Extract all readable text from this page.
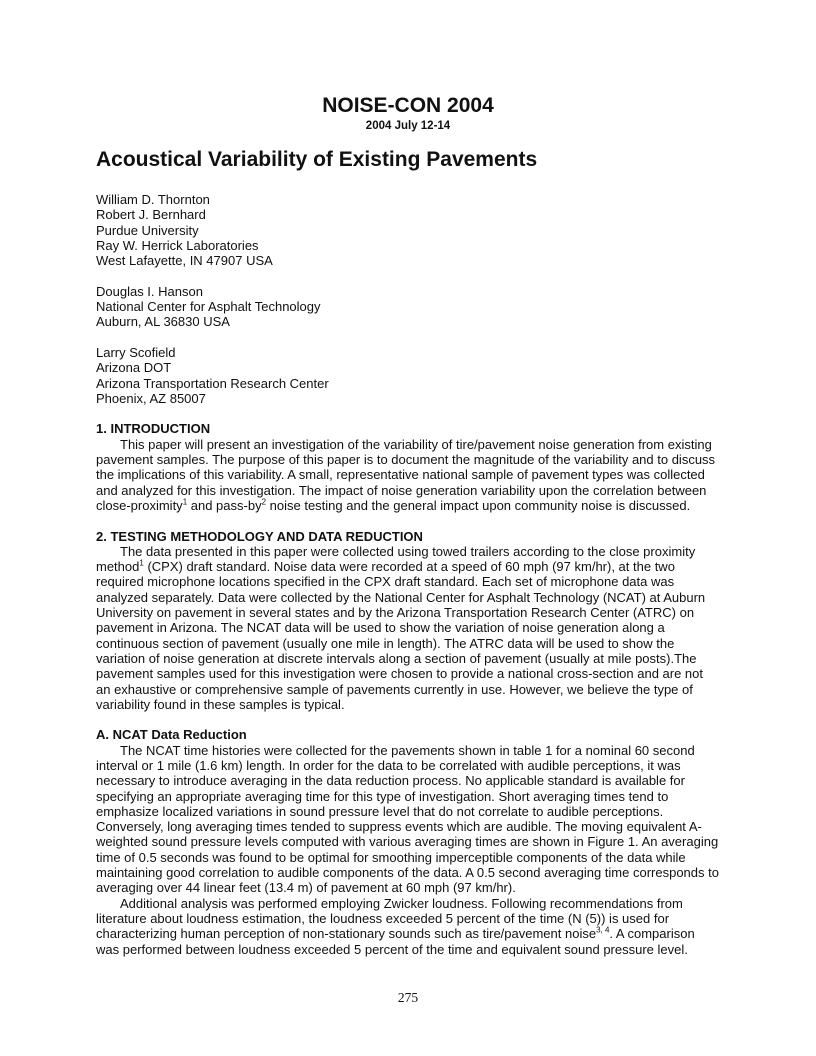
NOISE-CON 2004
2004 July 12-14
Acoustical Variability of Existing Pavements
William D. Thornton
Robert J. Bernhard
Purdue University
Ray W. Herrick Laboratories
West Lafayette, IN 47907 USA
Douglas I. Hanson
National Center for Asphalt Technology
Auburn, AL 36830 USA
Larry Scofield
Arizona DOT
Arizona Transportation Research Center
Phoenix, AZ 85007
1. INTRODUCTION

This paper will present an investigation of the variability of tire/pavement noise generation from existing pavement samples. The purpose of this paper is to document the magnitude of the variability and to discuss the implications of this variability. A small, representative national sample of pavement types was collected and analyzed for this investigation. The impact of noise generation variability upon the correlation between close-proximity$^1$ and pass-$by^2$ noise testing and the general impact upon community noise is discussed.

2. TESTING METHODOLOGY AND DATA REDUCTION

The data presented in this paper were collected using towed trailers according to the close proximity method$^1$ (CPX) draft standard. Noise data were recorded at a speed of 60 mph (97 km/hr), at the two required microphone locations specified in the CPX draft standard. Each set of microphone data was analyzed separately. Data were collected by the National Center for Asphalt Technology (NCAT) at Auburn University on pavement in several states and by the Arizona Transportation Research Center (ATRC) on pavement in Arizona. The NCAT data will be used to show the variation of noise generation along a continuous section of pavement (usually one mile in length). The ATRC data will be used to show the variation of noise generation at discrete intervals along a section of pavement (usually at mile posts).The pavement samples used for this investigation were chosen to provide a national cross-section and are not an exhaustive or comprehensive sample of pavements currently in use. However, we believe the type of variability found in these samples is typical.

A. NCAT Data Reduction

The NCAT time histories were collected for the pavements shown in table 1 for a nominal 60 second interval or 1 mile (1.6 km) length. In order for the data to be correlated with audible perceptions, it was necessary to introduce averaging in the data reduction process. No applicable standard is available for specifying an appropriate averaging time for this type of investigation. Short averaging times tend to emphasize localized variations in sound pressure level that do not correlate to audible perceptions. Conversely, long averaging times tended to suppress events which are audible. The moving equivalent A-weighted sound pressure levels computed with various averaging times are shown in Figure 1. An averaging time of 0.5 seconds was found to be optimal for smoothing imperceptible components of the data while maintaining good correlation to audible components of the data. A 0.5 second averaging time corresponds to averaging over 44 linear feet (13.4 m) of pavement at 60 mph (97 km/hr).

Additional analysis was performed employing Zwicker loudness. Following recommendations from literature about loudness estimation, the loudness exceeded 5 percent of the time (N (5)) is used for characterizing human perception of non-stationary sounds such as tire/pavement noise$^{3, 4}$. A comparison was performed between loudness exceeded 5 percent of the time and equivalent sound pressure level.

275
